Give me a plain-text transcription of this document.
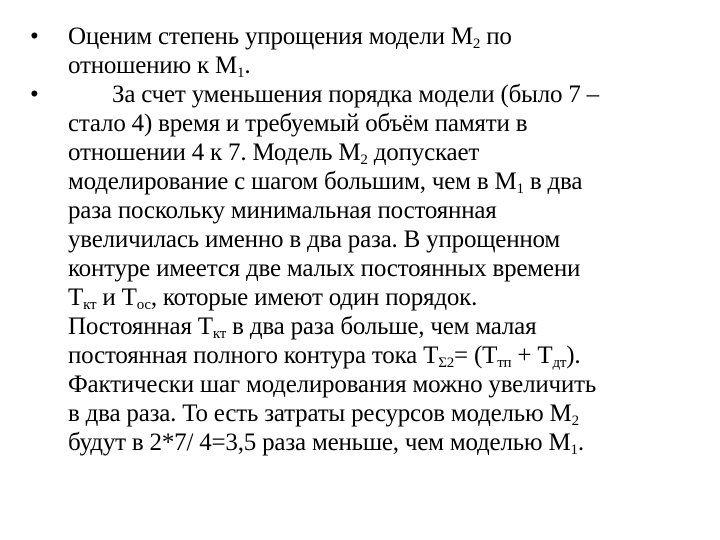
•	Оценим степень упрощения модели $М_2$ по
отношению к $М_1$.
•	За счет уменьшения порядка модели (было 7 –
стало 4) время и требуемый объём памяти в
отношении 4 к 7. Модель $М_2$ допускает
моделирование с шагом большим, чем в $М_1$ в два
раза поскольку минимальная постоянная
увеличилась именно в два раза. В упрощенном
контуре имеется две малых постоянных времени
$Т_{кт}$ и $Т_{ос}$, которые имеют один порядок.
Постоянная $Т_{кт}$ в два раза больше, чем малая
постоянная полного контура тока $Т_{\Sigma 2}= (Т_{тп} + Т_{дт})$.
Фактически шаг моделирования можно увеличить
в два раза. То есть затраты ресурсов моделью $М_2$
будут в 2*7/ 4=3,5 раза меньше, чем моделью $М_1$.
